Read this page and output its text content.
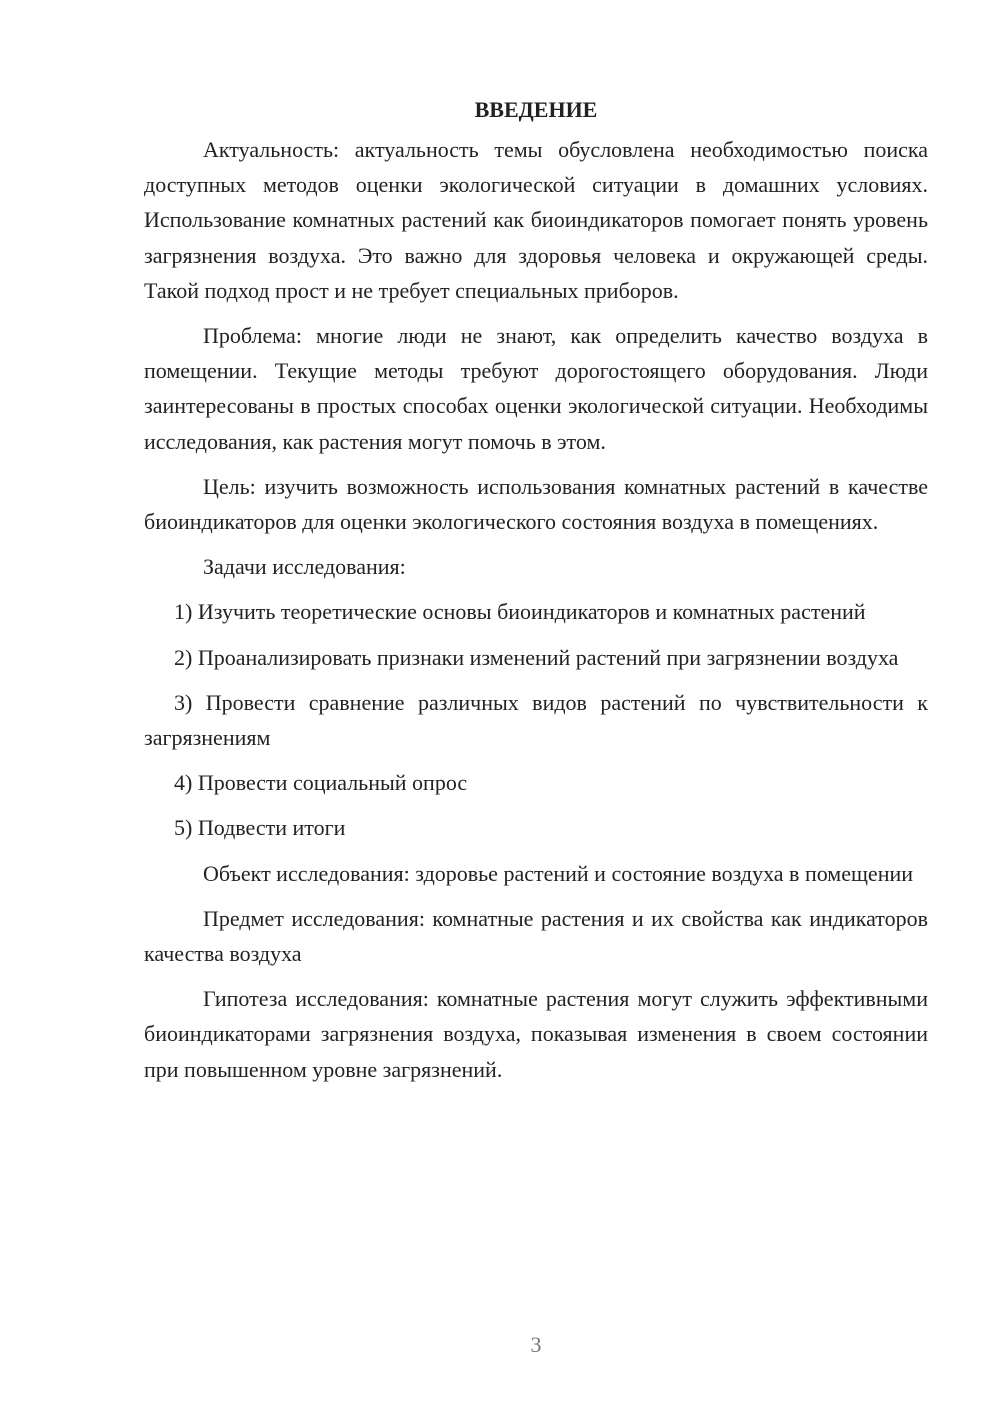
ВВЕДЕНИЕ

Актуальность: актуальность темы обусловлена необходимостью поиска доступных методов оценки экологической ситуации в домашних условиях. Использование комнатных растений как биоиндикаторов помогает понять уровень загрязнения воздуха. Это важно для здоровья человека и окружающей среды. Такой подход прост и не требует специальных приборов.

Проблема: многие люди не знают, как определить качество воздуха в помещении. Текущие методы требуют дорогостоящего оборудования. Люди заинтересованы в простых способах оценки экологической ситуации. Необходимы исследования, как растения могут помочь в этом.

Цель: изучить возможность использования комнатных растений в качестве биоиндикаторов для оценки экологического состояния воздуха в помещениях.

Задачи исследования:

1) Изучить теоретические основы биоиндикаторов и комнатных растений

2) Проанализировать признаки изменений растений при загрязнении воздуха

3) Провести сравнение различных видов растений по чувствительности к загрязнениям

4) Провести социальный опрос

5) Подвести итоги

Объект исследования: здоровье растений и состояние воздуха в помещении

Предмет исследования: комнатные растения и их свойства как индикаторов качества воздуха

Гипотеза исследования: комнатные растения могут служить эффективными биоиндикаторами загрязнения воздуха, показывая изменения в своем состоянии при повышенном уровне загрязнений.

3
